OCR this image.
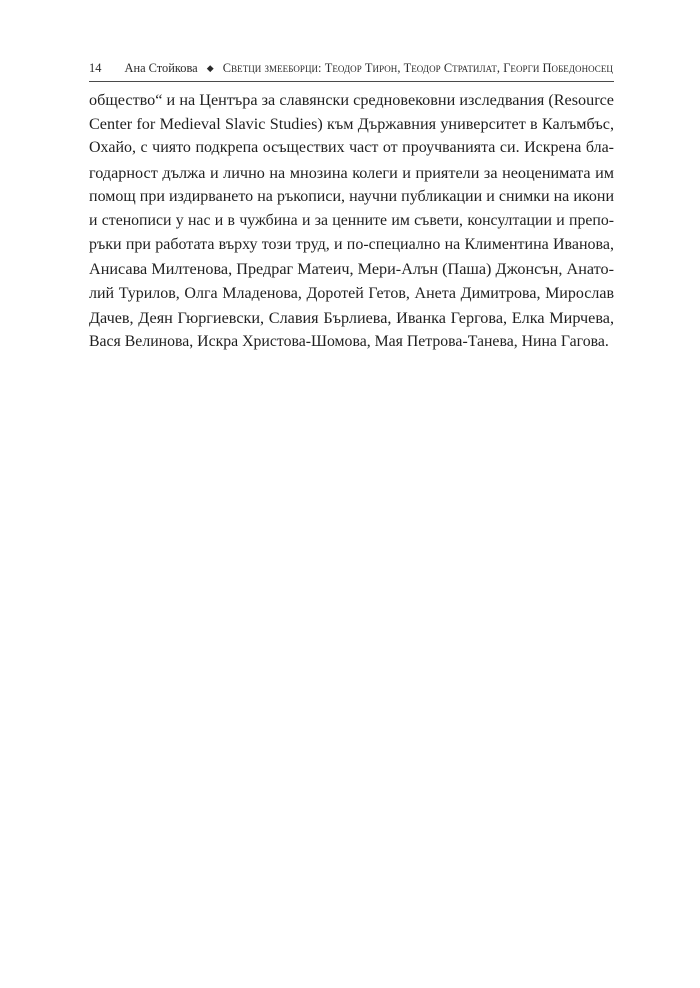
14 Ана Стойкова ◆ Светци змееборци: Теодор Тирон, Теодор Стратилат, Георги Победоносец
общество“ и на Центъра за славянски средновековни изследвания (Resource
Center for Medieval Slavic Studies) към Държавния университет в Калъмбъс,
Охайо, с чиято подкрепа осъществих част от проучванията си. Искрена бла-
годарност дължа и лично на мнозина колеги и приятели за неоценимата им
помощ при издирването на ръкописи, научни публикации и снимки на икони
и стенописи у нас и в чужбина и за ценните им съвети, консултации и препо-
ръки при работата върху този труд, и по-специално на Климентина Иванова,
Анисава Милтенова, Предраг Матеич, Мери-Алън (Паша) Джонсън, Анато-
лий Турилов, Олга Младенова, Доротей Гетов, Анета Димитрова, Мирослав
Дачев, Деян Гюргиевски, Славия Бърлиева, Иванка Гергова, Елка Мирчева,
Вася Велинова, Искра Христова-Шомова, Мая Петрова-Танева, Нина Гагова.
